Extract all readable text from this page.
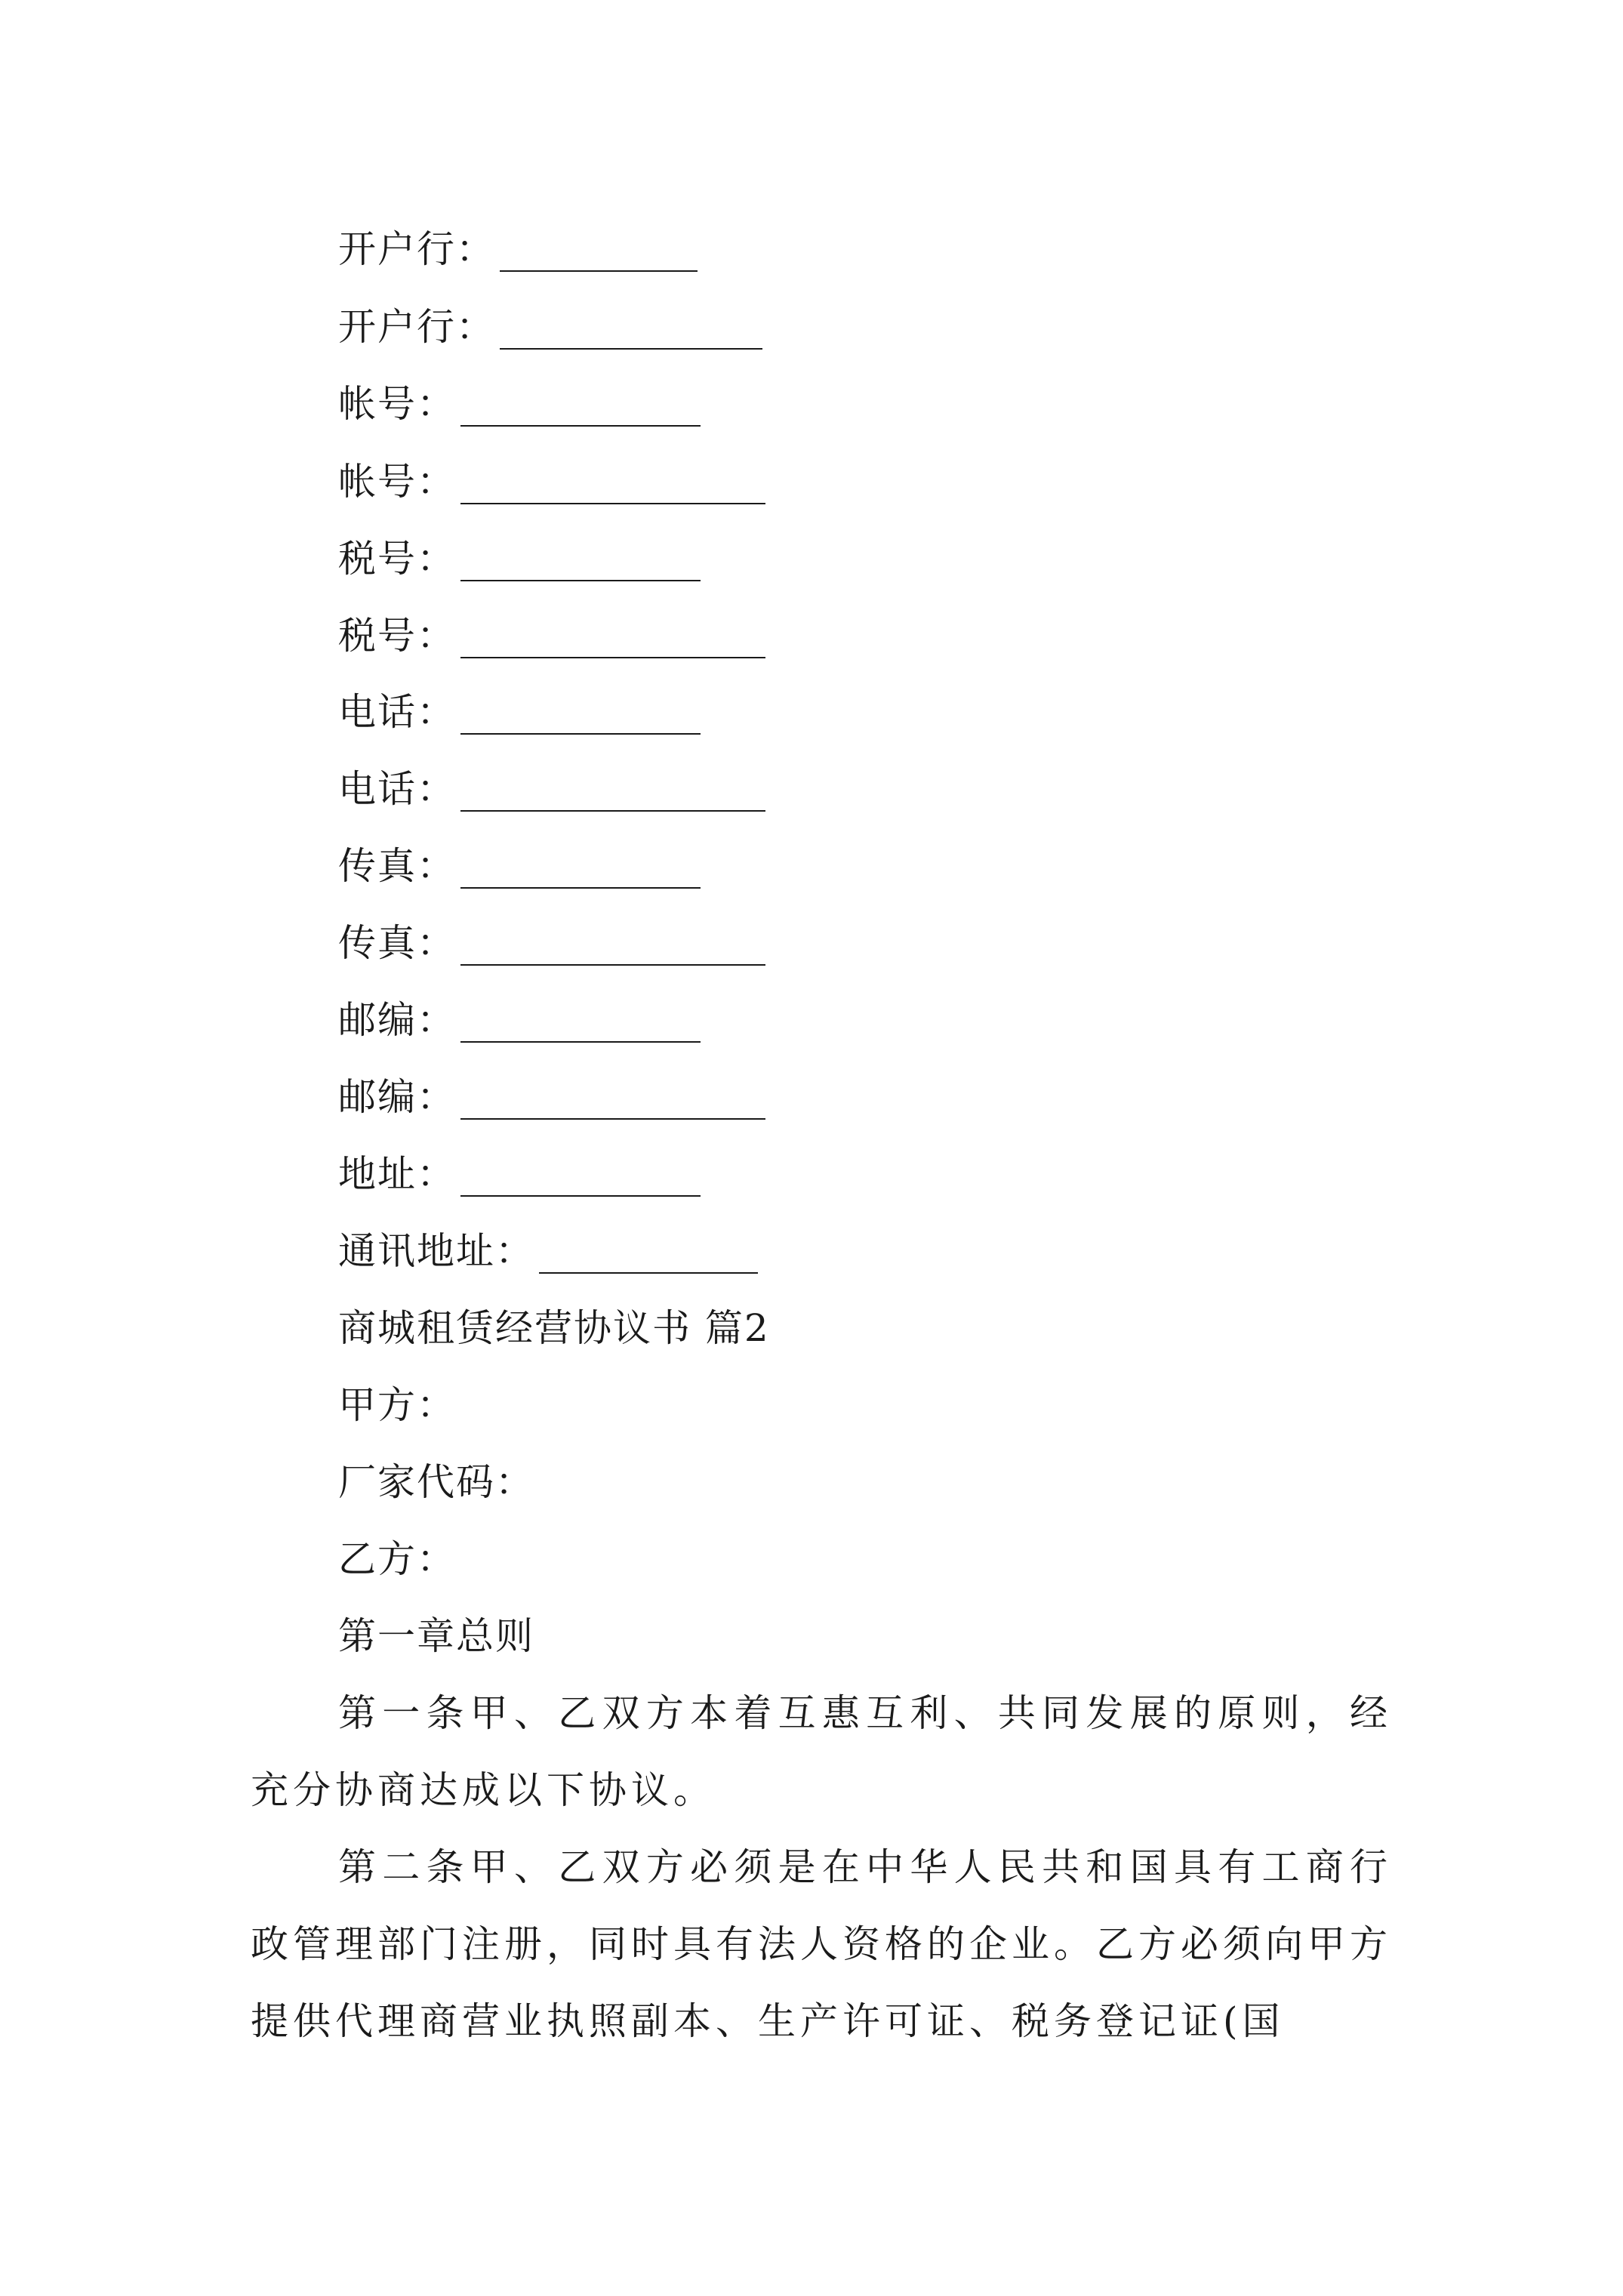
开户行：
开户行：
帐号：
帐号：
税号：
税号：
电话：
电话：
传真：
传真：
邮编：
邮编：
地址：
通讯地址：
商城租赁经营协议书 篇2
甲方：
厂家代码：
乙方：
第一章总则

第一条甲、乙双方本着互惠互利、共同发展的原则，经充分协商达成以下协议。

第二条甲、乙双方必须是在中华人民共和国具有工商行政管理部门注册，同时具有法人资格的企业。乙方必须向甲方提供代理商营业执照副本、生产许可证、税务登记证(国
